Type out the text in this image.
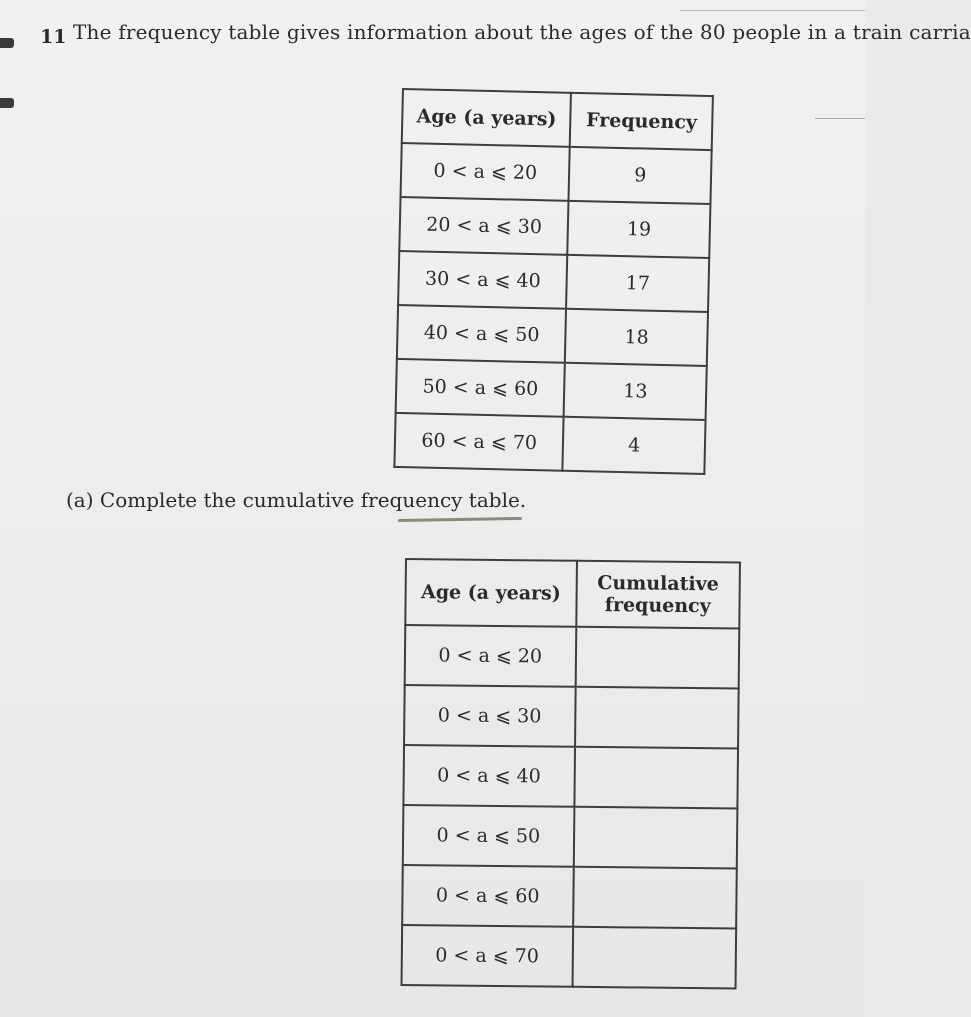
11 The frequency table gives information about the ages of the 80 people in a train carria
Age (a years)	Frequency
0 < a ⩽ 20	9
20 < a ⩽ 30	19
30 < a ⩽ 40	17
40 < a ⩽ 50	18
50 < a ⩽ 60	13
60 < a ⩽ 70	4
(a) Complete the cumulative frequency table.
Age (a years)	Cumulative frequency
0 < a ⩽ 20	
0 < a ⩽ 30	
0 < a ⩽ 40	
0 < a ⩽ 50	
0 < a ⩽ 60	
0 < a ⩽ 70	
